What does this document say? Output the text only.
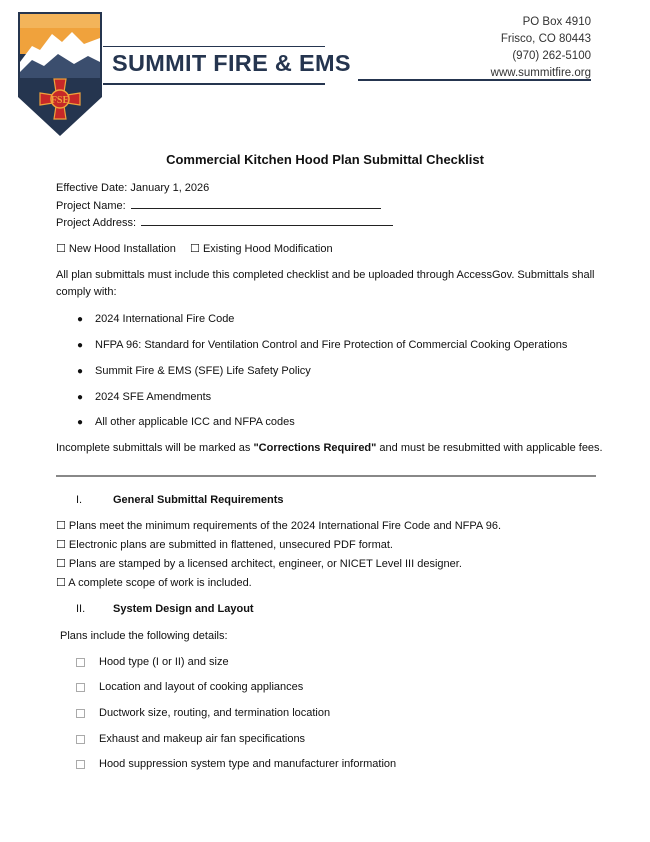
FSE
SUMMIT FIRE & EMS
PO Box 4910
Frisco, CO 80443
(970) 262-5100
www.summitfire.org
Commercial Kitchen Hood Plan Submittal Checklist
Effective Date: January 1, 2026
Project Name:
Project Address:
☐ New Hood Installation ☐ Existing Hood Modification
All plan submittals must include this completed checklist and be uploaded through AccessGov. Submittals shall comply with:
● 2024 International Fire Code
● NFPA 96: Standard for Ventilation Control and Fire Protection of Commercial Cooking Operations
● Summit Fire & EMS (SFE) Life Safety Policy
● 2024 SFE Amendments
● All other applicable ICC and NFPA codes
Incomplete submittals will be marked as "Corrections Required" and must be resubmitted with applicable fees.
I.	General Submittal Requirements
☐ Plans meet the minimum requirements of the 2024 International Fire Code and NFPA 96.
☐ Electronic plans are submitted in flattened, unsecured PDF format.
☐ Plans are stamped by a licensed architect, engineer, or NICET Level III designer.
☐ A complete scope of work is included.
II.	System Design and Layout
Plans include the following details:
Hood type (I or II) and size
Location and layout of cooking appliances
Ductwork size, routing, and termination location
Exhaust and makeup air fan specifications
Hood suppression system type and manufacturer information
